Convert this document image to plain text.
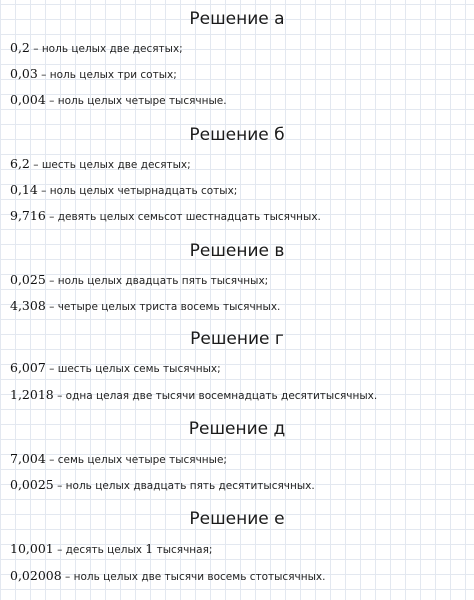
Решение а
0,2 – ноль целых две десятых;
0,03 – ноль целых три сотых;
0,004 – ноль целых четыре тысячные.
Решение б
6,2 – шесть целых две десятых;
0,14 – ноль целых четырнадцать сотых;
9,716 – девять целых семьсот шестнадцать тысячных.
Решение в
0,025 – ноль целых двадцать пять тысячных;
4,308 – четыре целых триста восемь тысячных.
Решение г
6,007 – шесть целых семь тысячных;
1,2018 – одна целая две тысячи восемнадцать десятитысячных.
Решение д
7,004 – семь целых четыре тысячные;
0,0025 – ноль целых двадцать пять десятитысячных.
Решение е
10,001 – десять целых 1 тысячная;
0,02008 – ноль целых две тысячи восемь стотысячных.
